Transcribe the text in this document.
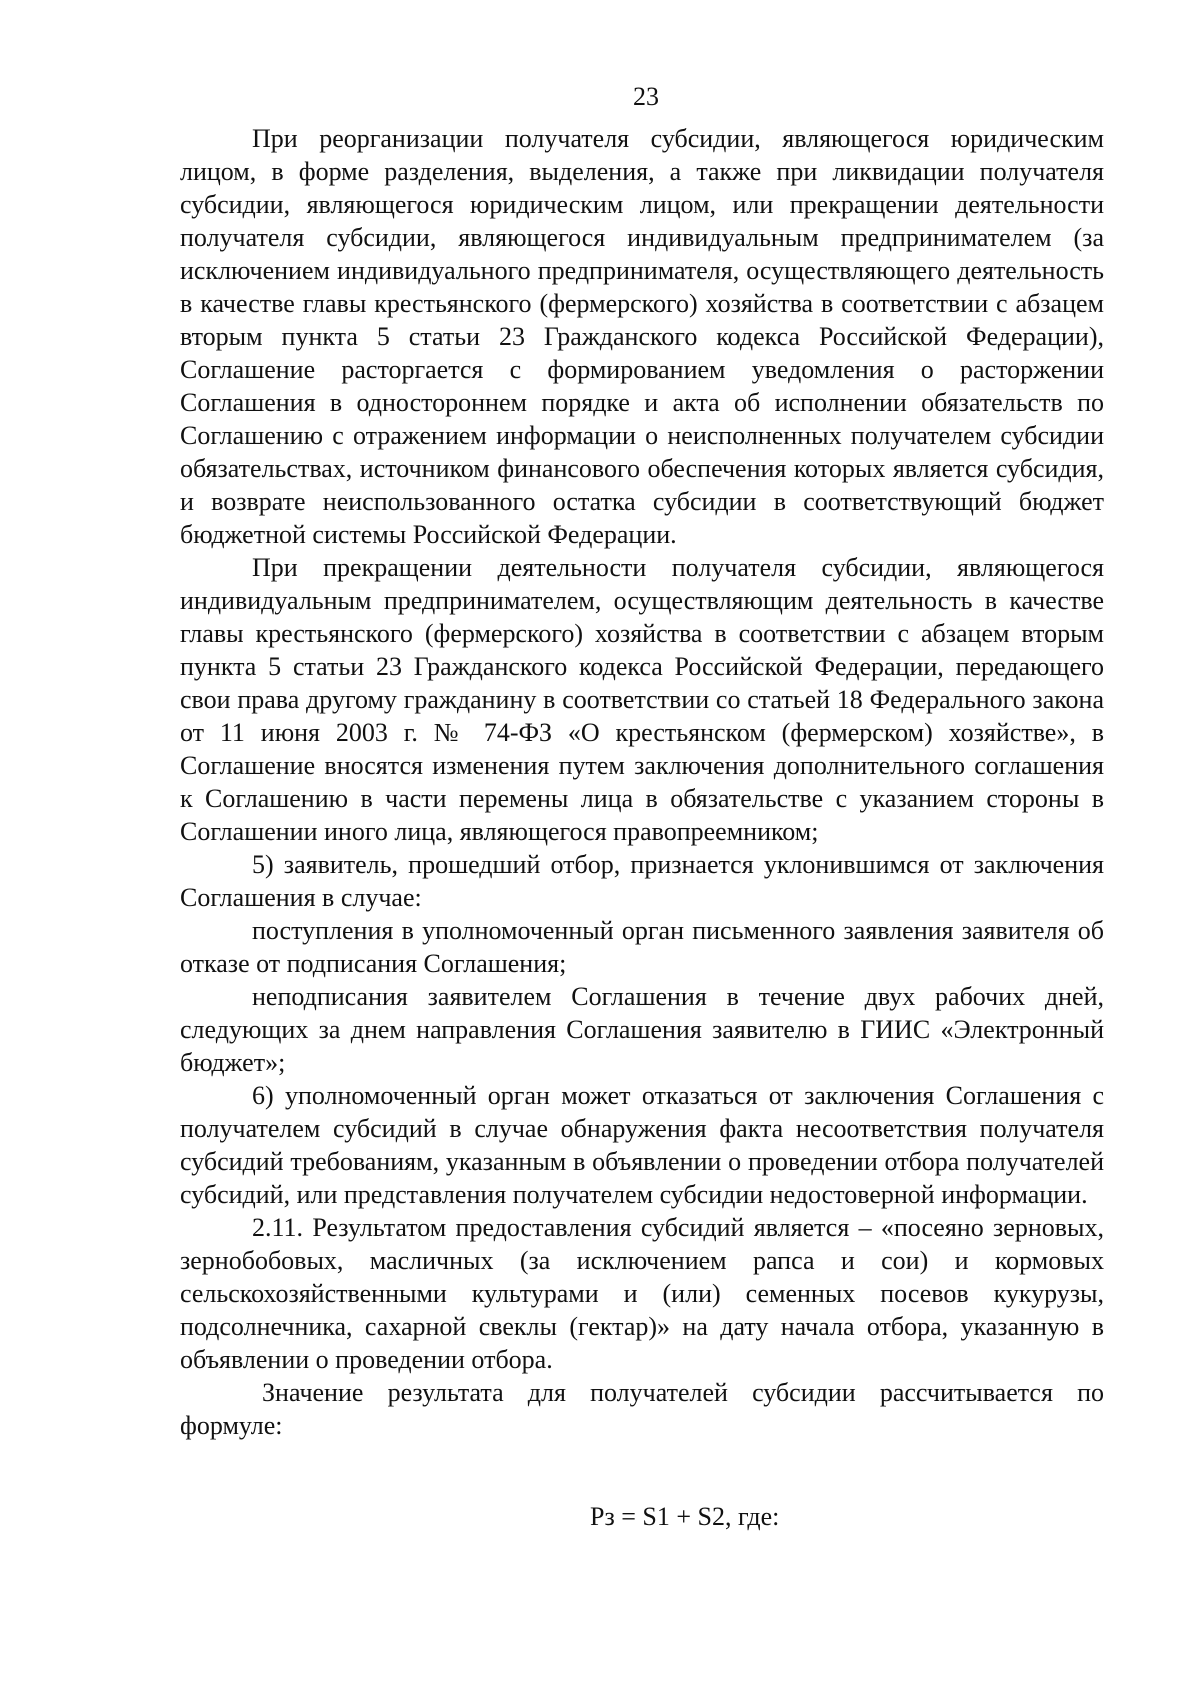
23

При реорганизации получателя субсидии, являющегося юридическим лицом, в форме разделения, выделения, а также при ликвидации получателя субсидии, являющегося юридическим лицом, или прекращении деятельности получателя субсидии, являющегося индивидуальным предпринимателем (за исключением индивидуального предпринимателя, осуществляющего деятельность в качестве главы крестьянского (фермерского) хозяйства в соответствии с абзацем вторым пункта 5 статьи 23 Гражданского кодекса Российской Федерации), Соглашение расторгается с формированием уведомления о расторжении Соглашения в одностороннем порядке и акта об исполнении обязательств по Соглашению с отражением информации о неисполненных получателем субсидии обязательствах, источником финансового обеспечения которых является субсидия, и возврате неиспользованного остатка субсидии в соответствующий бюджет бюджетной системы Российской Федерации.

При прекращении деятельности получателя субсидии, являющегося индивидуальным предпринимателем, осуществляющим деятельность в качестве главы крестьянского (фермерского) хозяйства в соответствии с абзацем вторым пункта 5 статьи 23 Гражданского кодекса Российской Федерации, передающего свои права другому гражданину в соответствии со статьей 18 Федерального закона от 11 июня 2003 г. № 74-ФЗ «О крестьянском (фермерском) хозяйстве», в Соглашение вносятся изменения путем заключения дополнительного соглашения к Соглашению в части перемены лица в обязательстве с указанием стороны в Соглашении иного лица, являющегося правопреемником;

5) заявитель, прошедший отбор, признается уклонившимся от заключения Соглашения в случае:

поступления в уполномоченный орган письменного заявления заявителя об отказе от подписания Соглашения;

неподписания заявителем Соглашения в течение двух рабочих дней, следующих за днем направления Соглашения заявителю в ГИИС «Электронный бюджет»;

6) уполномоченный орган может отказаться от заключения Соглашения с получателем субсидий в случае обнаружения факта несоответствия получателя субсидий требованиям, указанным в объявлении о проведении отбора получателей субсидий, или представления получателем субсидии недостоверной информации.

2.11. Результатом предоставления субсидий является – «посеяно зерновых, зернобобовых, масличных (за исключением рапса и сои) и кормовых сельскохозяйственными культурами и (или) семенных посевов кукурузы, подсолнечника, сахарной свеклы (гектар)» на дату начала отбора, указанную в объявлении о проведении отбора.

Значение результата для получателей субсидии рассчитывается по формуле:

Рз = S1 + S2, где:
